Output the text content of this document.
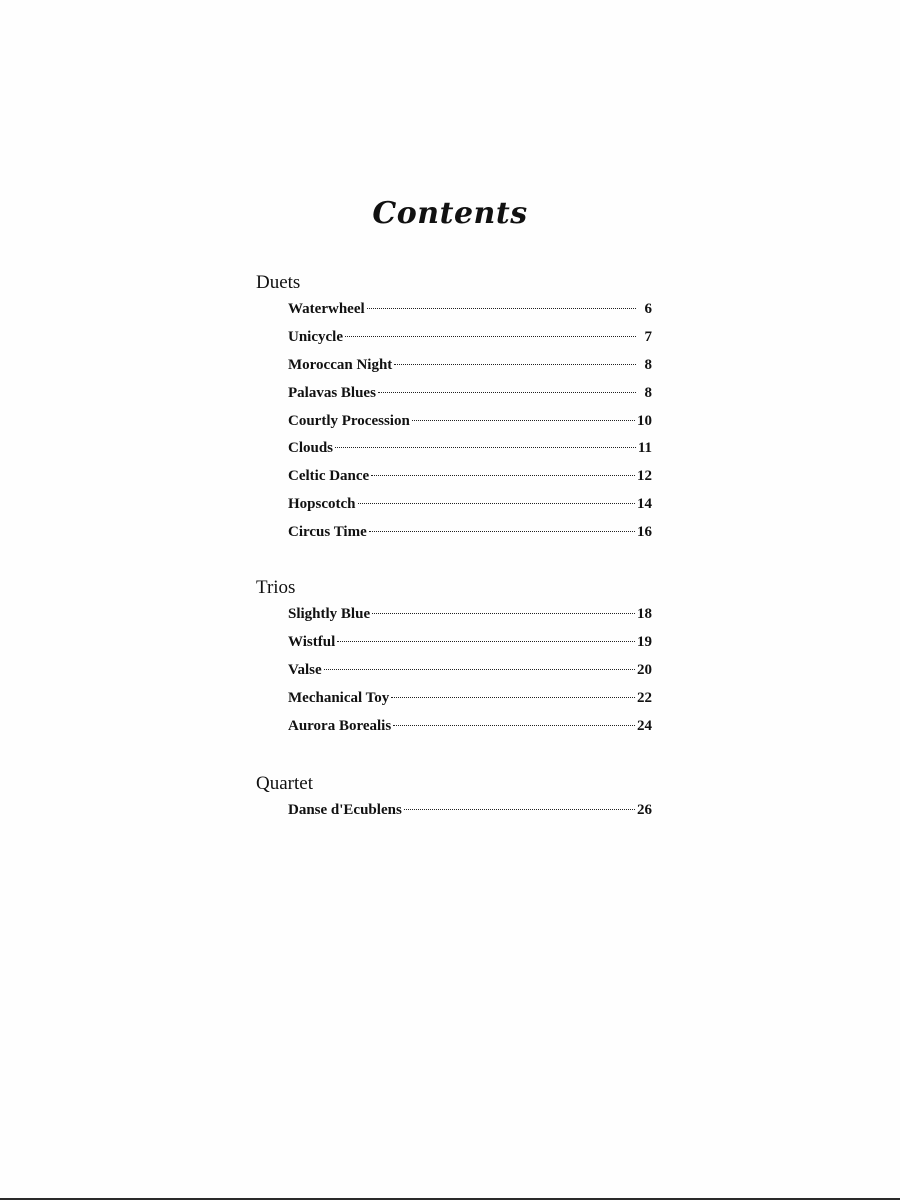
Contents
Duets
Waterwheel	6
Unicycle	7
Moroccan Night	8
Palavas Blues	8
Courtly Procession	10
Clouds	11
Celtic Dance	12
Hopscotch	14
Circus Time	16
Trios
Slightly Blue	18
Wistful	19
Valse	20
Mechanical Toy	22
Aurora Borealis	24
Quartet
Danse d'Ecublens	26
